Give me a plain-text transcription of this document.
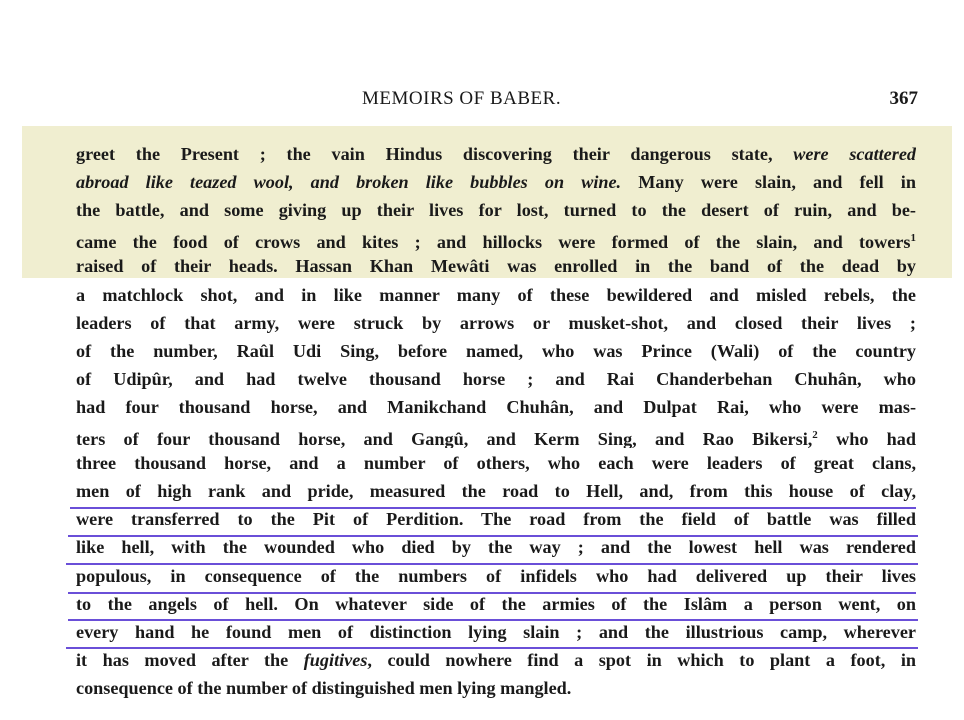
MEMOIRS OF BABER.	367
greet the Present ; the vain Hindus discovering their dangerous state, were scattered
abroad like teazed wool, and broken like bubbles on wine. Many were slain, and fell in
the battle, and some giving up their lives for lost, turned to the desert of ruin, and be-
came the food of crows and kites ; and hillocks were formed of the slain, and towers$^1$
raised of their heads. Hassan Khan Mewâti was enrolled in the band of the dead by
a matchlock shot, and in like manner many of these bewildered and misled rebels, the
leaders of that army, were struck by arrows or musket-shot, and closed their lives ;
of the number, Raûl Udi Sing, before named, who was Prince (Wali) of the country
of Udipûr, and had twelve thousand horse ; and Rai Chanderbehan Chuhân, who
had four thousand horse, and Manikchand Chuhân, and Dulpat Rai, who were mas-
ters of four thousand horse, and Gangû, and Kerm Sing, and Rao Bikersi,$^2$ who had
three thousand horse, and a number of others, who each were leaders of great clans,
men of high rank and pride, measured the road to Hell, and, from this house of clay,
were transferred to the Pit of Perdition. The road from the field of battle was filled
like hell, with the wounded who died by the way ; and the lowest hell was rendered
populous, in consequence of the numbers of infidels who had delivered up their lives
to the angels of hell. On whatever side of the armies of the Islâm a person went, on
every hand he found men of distinction lying slain ; and the illustrious camp, wherever
it has moved after the fugitives, could nowhere find a spot in which to plant a foot, in
consequence of the number of distinguished men lying mangled.
